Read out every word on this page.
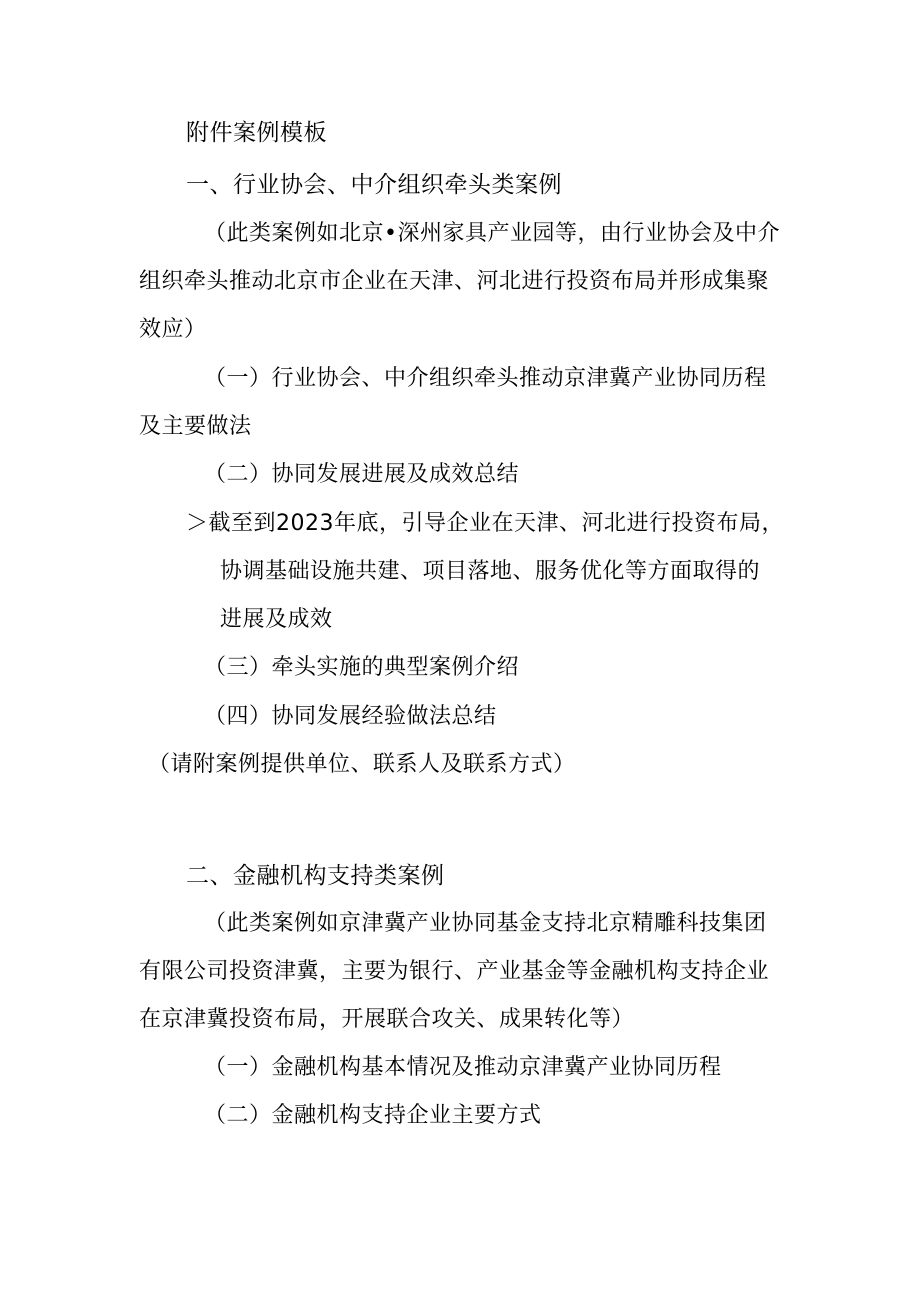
附件案例模板
一、行业协会、中介组织牵头类案例
（此类案例如北京•深州家具产业园等，由行业协会及中介
组织牵头推动北京市企业在天津、河北进行投资布局并形成集聚
效应）
（一）行业协会、中介组织牵头推动京津冀产业协同历程
及主要做法
（二）协同发展进展及成效总结
＞截至到2023年底，引导企业在天津、河北进行投资布局，
协调基础设施共建、项目落地、服务优化等方面取得的
进展及成效
（三）牵头实施的典型案例介绍
（四）协同发展经验做法总结
（请附案例提供单位、联系人及联系方式）
二、金融机构支持类案例
（此类案例如京津冀产业协同基金支持北京精雕科技集团
有限公司投资津冀，主要为银行、产业基金等金融机构支持企业
在京津冀投资布局，开展联合攻关、成果转化等）
（一）金融机构基本情况及推动京津冀产业协同历程
（二）金融机构支持企业主要方式
